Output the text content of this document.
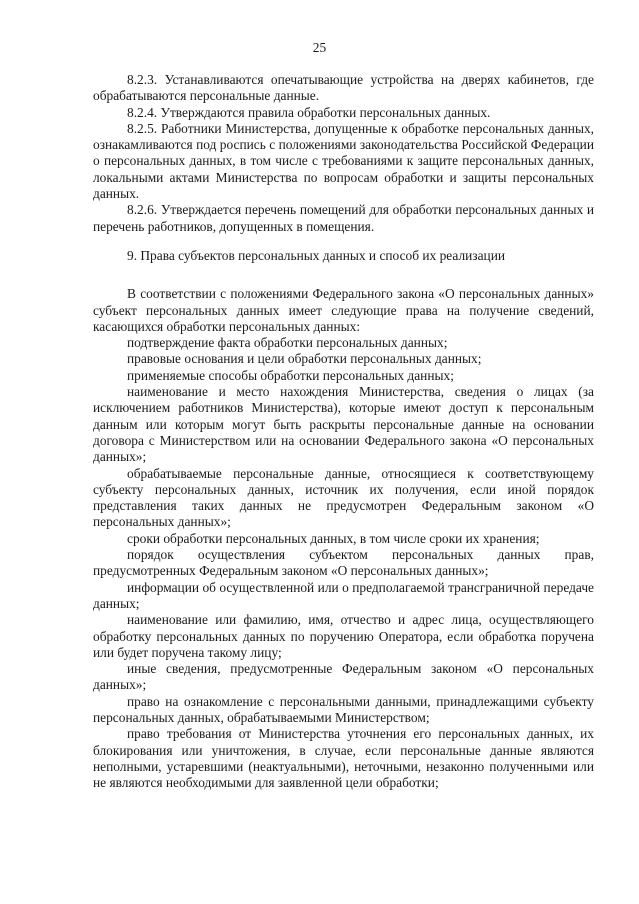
25

8.2.3. Устанавливаются опечатывающие устройства на дверях кабинетов, где обрабатываются персональные данные.

8.2.4. Утверждаются правила обработки персональных данных.

8.2.5. Работники Министерства, допущенные к обработке персональных данных, ознакамливаются под роспись с положениями законодательства Российской Федерации о персональных данных, в том числе с требованиями к защите персональных данных, локальными актами Министерства по вопросам обработки и защиты персональных данных.

8.2.6. Утверждается перечень помещений для обработки персональных данных и перечень работников, допущенных в помещения.

9. Права субъектов персональных данных и способ их реализации

В соответствии с положениями Федерального закона «О персональных данных» субъект персональных данных имеет следующие права на получение сведений, касающихся обработки персональных данных:

подтверждение факта обработки персональных данных;

правовые основания и цели обработки персональных данных;

применяемые способы обработки персональных данных;

наименование и место нахождения Министерства, сведения о лицах (за исключением работников Министерства), которые имеют доступ к персональным данным или которым могут быть раскрыты персональные данные на основании договора с Министерством или на основании Федерального закона «О персональных данных»;

обрабатываемые персональные данные, относящиеся к соответствующему субъекту персональных данных, источник их получения, если иной порядок представления таких данных не предусмотрен Федеральным законом «О персональных данных»;

сроки обработки персональных данных, в том числе сроки их хранения;

порядок осуществления субъектом персональных данных прав, предусмотренных Федеральным законом «О персональных данных»;

информации об осуществленной или о предполагаемой трансграничной передаче данных;

наименование или фамилию, имя, отчество и адрес лица, осуществляющего обработку персональных данных по поручению Оператора, если обработка поручена или будет поручена такому лицу;

иные сведения, предусмотренные Федеральным законом «О персональных данных»;

право на ознакомление с персональными данными, принадлежащими субъекту персональных данных, обрабатываемыми Министерством;

право требования от Министерства уточнения его персональных данных, их блокирования или уничтожения, в случае, если персональные данные являются неполными, устаревшими (неактуальными), неточными, незаконно полученными или не являются необходимыми для заявленной цели обработки;
